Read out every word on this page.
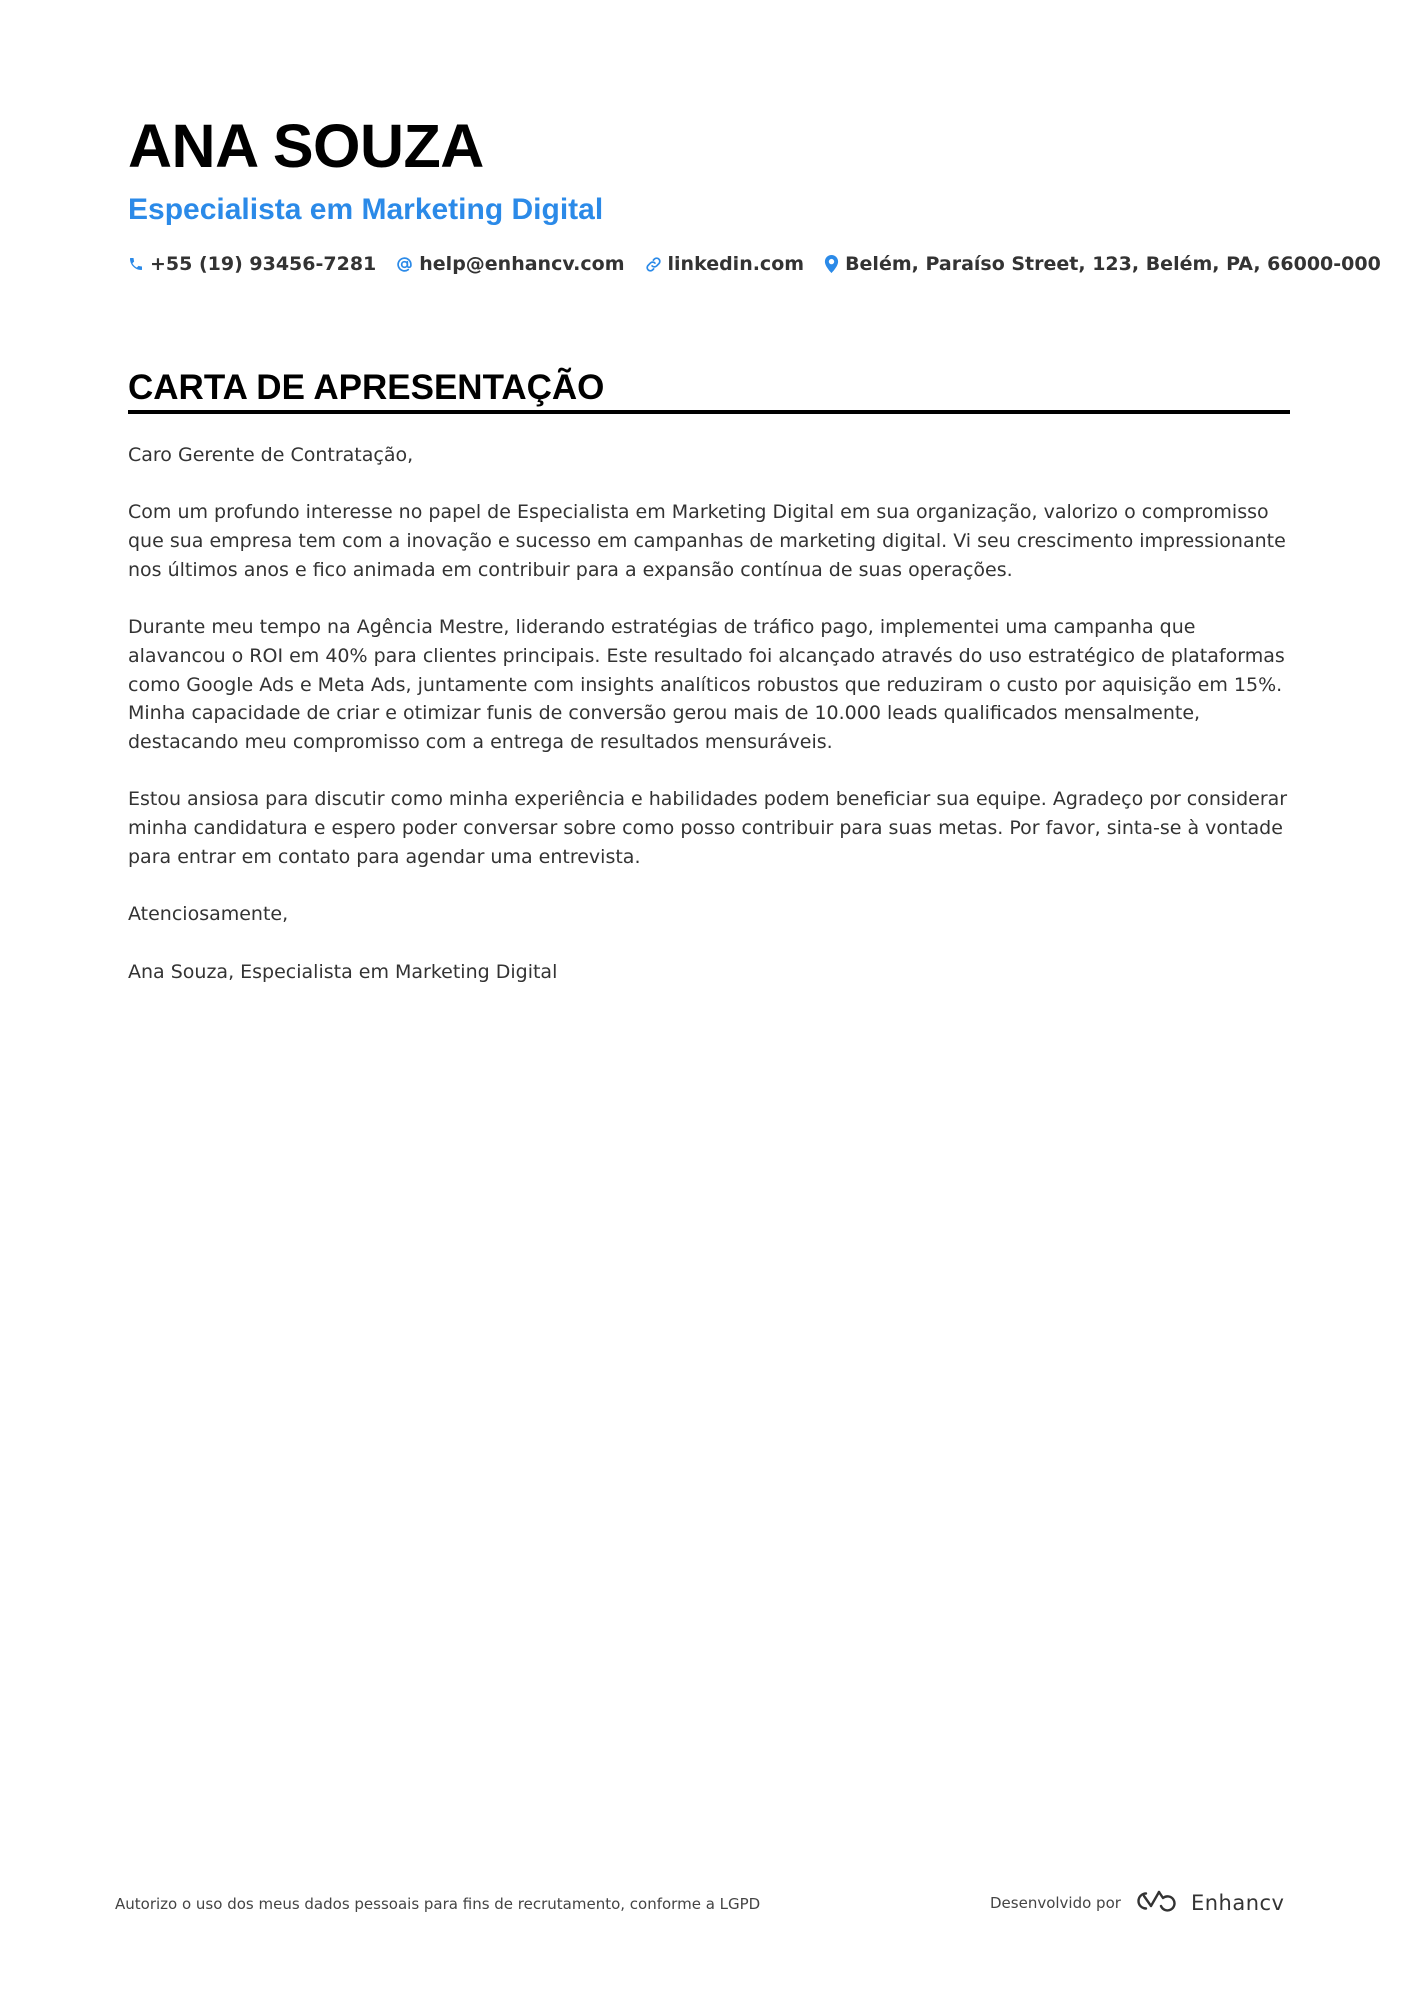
ANA SOUZA
Especialista em Marketing Digital
+55 (19) 93456-7281 help@enhancv.com linkedin.com Belém, Paraíso Street, 123, Belém, PA, 66000-000
CARTA DE APRESENTAÇÃO

Caro Gerente de Contratação,

Com um profundo interesse no papel de Especialista em Marketing Digital em sua organização, valorizo o compromisso que sua empresa tem com a inovação e sucesso em campanhas de marketing digital. Vi seu crescimento impressionante nos últimos anos e fico animada em contribuir para a expansão contínua de suas operações.

Durante meu tempo na Agência Mestre, liderando estratégias de tráfico pago, implementei uma campanha que alavancou o ROI em 40% para clientes principais. Este resultado foi alcançado através do uso estratégico de plataformas como Google Ads e Meta Ads, juntamente com insights analíticos robustos que reduziram o custo por aquisição em 15%. Minha capacidade de criar e otimizar funis de conversão gerou mais de 10.000 leads qualificados mensalmente, destacando meu compromisso com a entrega de resultados mensuráveis.

Estou ansiosa para discutir como minha experiência e habilidades podem beneficiar sua equipe. Agradeço por considerar minha candidatura e espero poder conversar sobre como posso contribuir para suas metas. Por favor, sinta-se à vontade para entrar em contato para agendar uma entrevista.

Atenciosamente,

Ana Souza, Especialista em Marketing Digital

Autorizo o uso dos meus dados pessoais para fins de recrutamento, conforme a LGPD	Desenvolvido por	Enhancv
